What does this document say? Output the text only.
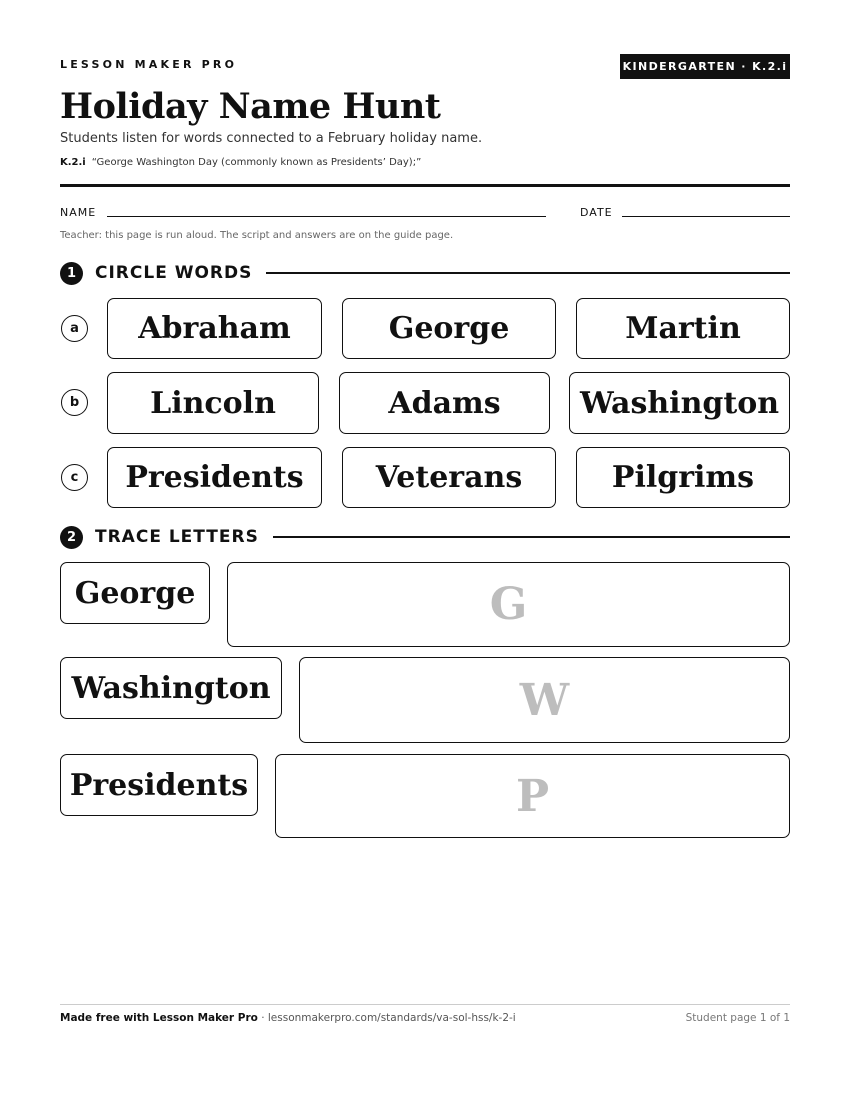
LESSON MAKER PRO	KINDERGARTEN · K.2.i
Holiday Name Hunt
Students listen for words connected to a February holiday name.
K.2.i “George Washington Day (commonly known as Presidents’ Day);”
NAME	DATE
Teacher: this page is run aloud. The script and answers are on the guide page.
1	CIRCLE WORDS
a	Abraham	George	Martin
b	Lincoln	Adams	Washington
c	Presidents	Veterans	Pilgrims
2	TRACE LETTERS
George	G
Washington	W
Presidents	P
Made free with Lesson Maker Pro · lessonmakerpro.com/standards/va-sol-hss/k-2-i	Student page 1 of 1
